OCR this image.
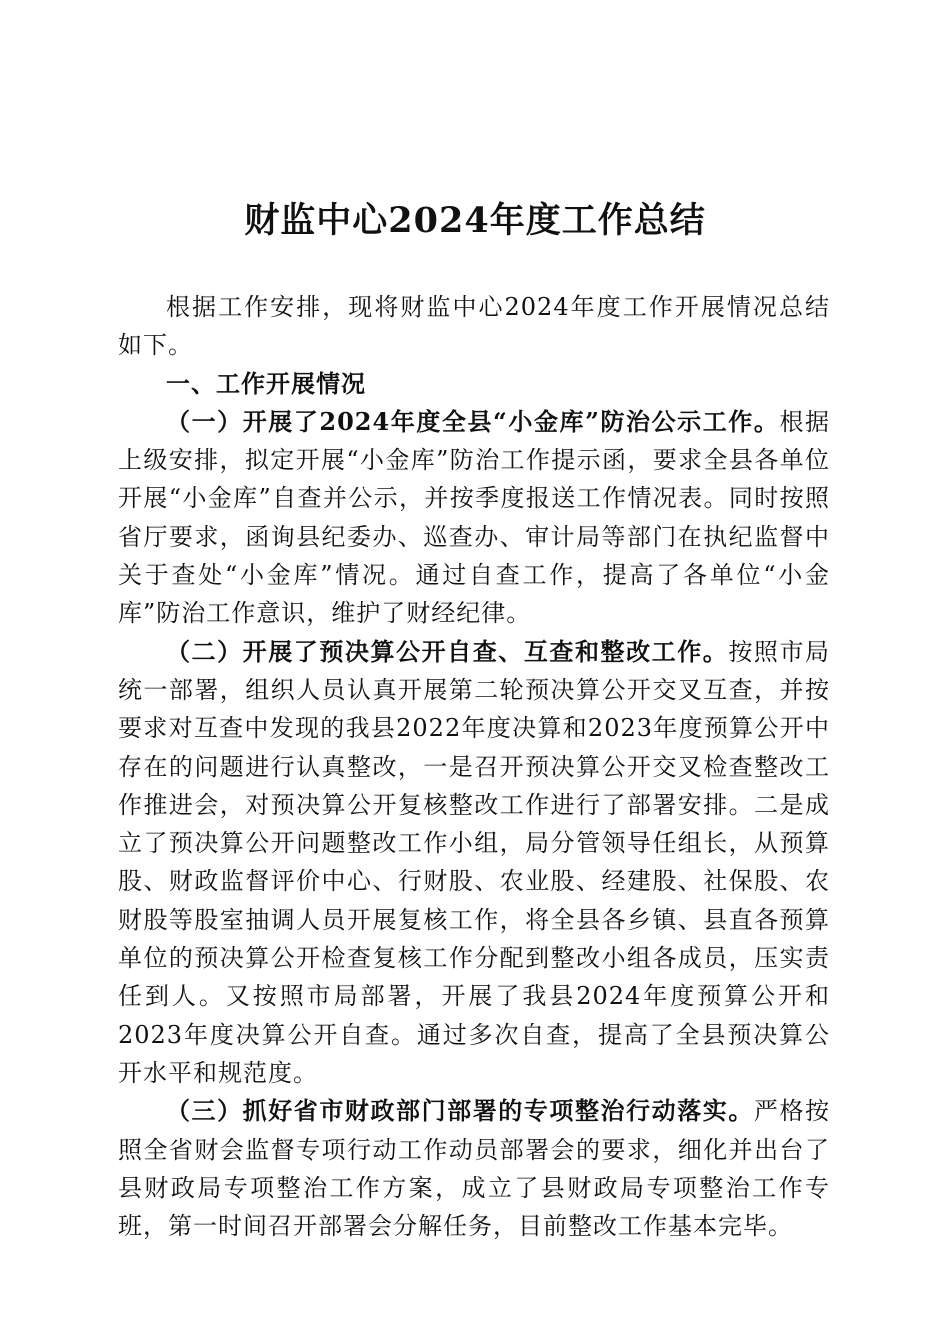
财监中心2024年度工作总结

根据工作安排，现将财监中心2024年度工作开展情况总结如下。

一、工作开展情况

（一）开展了2024年度全县“小金库”防治公示工作。根据上级安排，拟定开展“小金库”防治工作提示函，要求全县各单位开展“小金库”自查并公示，并按季度报送工作情况表。同时按照省厅要求，函询县纪委办、巡查办、审计局等部门在执纪监督中关于查处“小金库”情况。通过自查工作，提高了各单位“小金库”防治工作意识，维护了财经纪律。

（二）开展了预决算公开自查、互查和整改工作。按照市局统一部署，组织人员认真开展第二轮预决算公开交叉互查，并按要求对互查中发现的我县2022年度决算和2023年度预算公开中存在的问题进行认真整改，一是召开预决算公开交叉检查整改工作推进会，对预决算公开复核整改工作进行了部署安排。二是成立了预决算公开问题整改工作小组，局分管领导任组长，从预算股、财政监督评价中心、行财股、农业股、经建股、社保股、农财股等股室抽调人员开展复核工作，将全县各乡镇、县直各预算单位的预决算公开检查复核工作分配到整改小组各成员，压实责任到人。又按照市局部署，开展了我县2024年度预算公开和2023年度决算公开自查。通过多次自查，提高了全县预决算公开水平和规范度。

（三）抓好省市财政部门部署的专项整治行动落实。严格按照全省财会监督专项行动工作动员部署会的要求，细化并出台了县财政局专项整治工作方案，成立了县财政局专项整治工作专班，第一时间召开部署会分解任务，目前整改工作基本完毕。
